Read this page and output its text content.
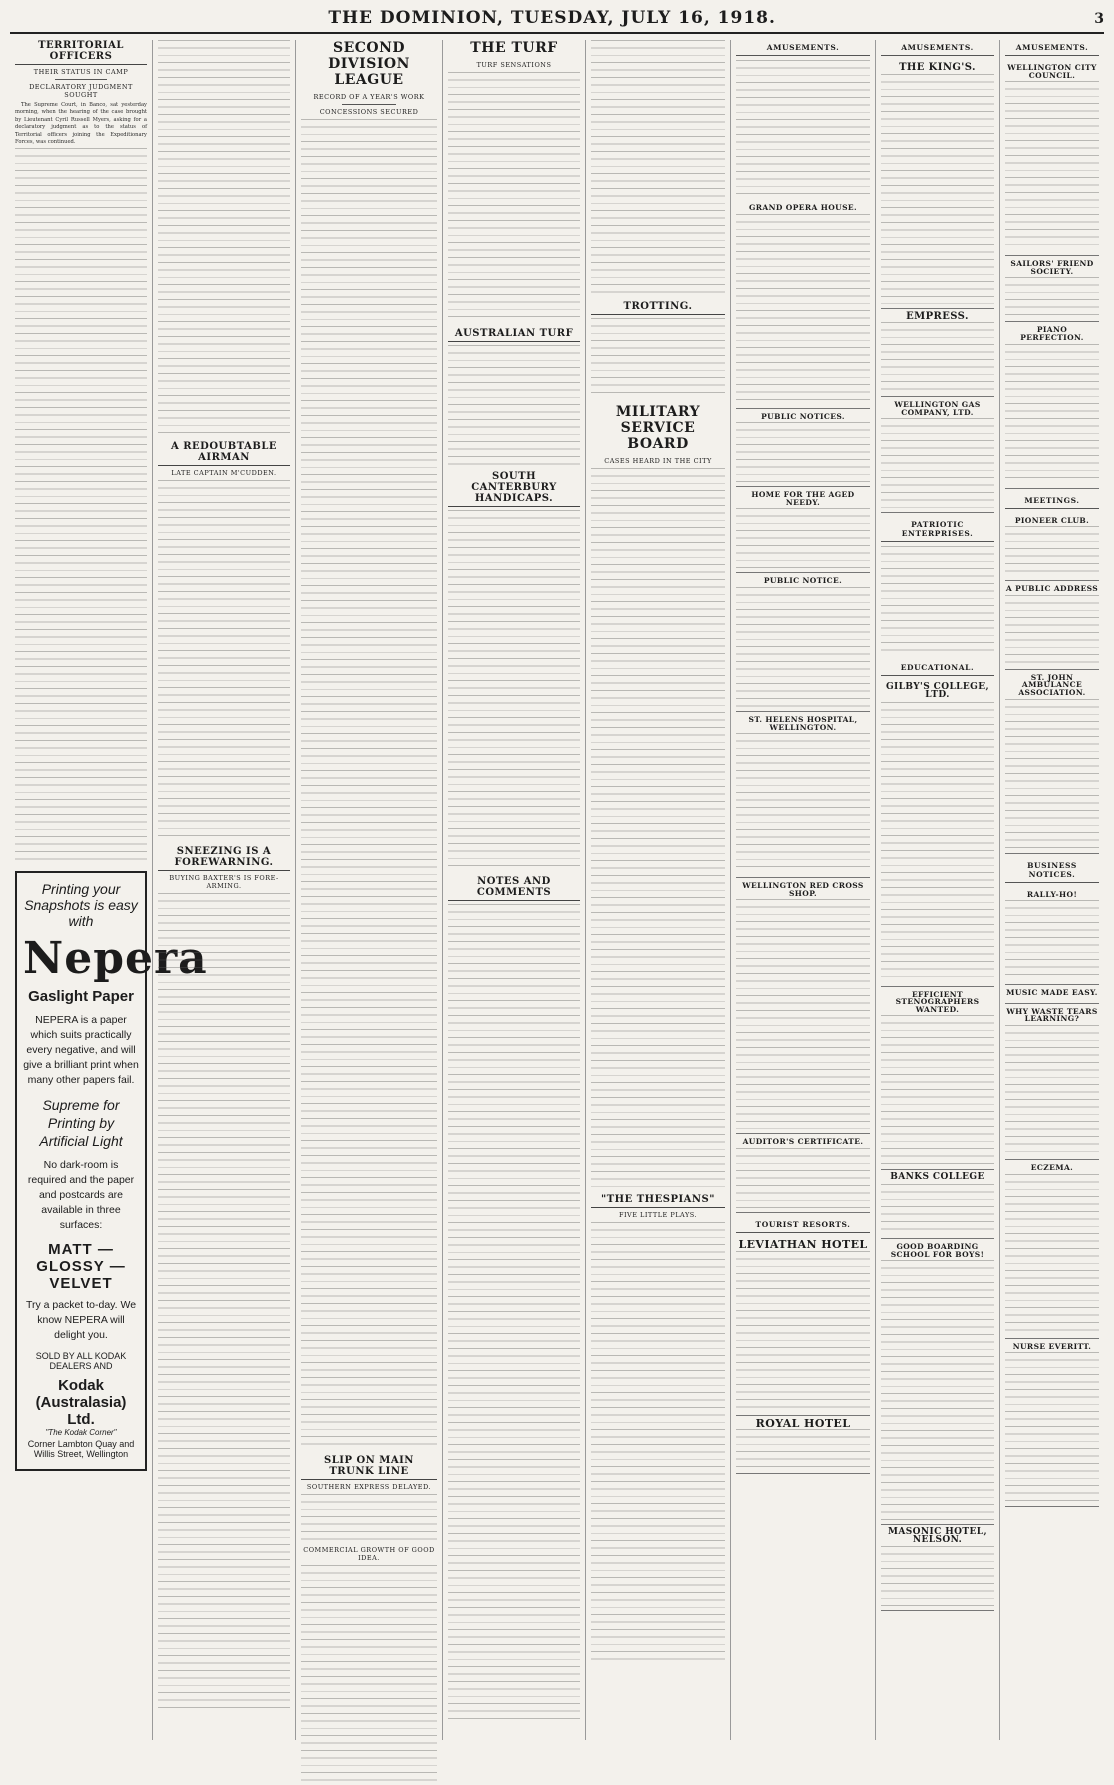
THE DOMINION, TUESDAY, JULY 16, 1918.	3
TERRITORIAL OFFICERS
THEIR STATUS IN CAMP
DECLARATORY JUDGMENT SOUGHT

The Supreme Court, in Banco, sat yesterday morning, when the hearing of the case brought by Lieutenant Cyril Russell Myers, asking for a declaratory judgment as to the status of Territorial officers joining the Expeditionary Forces, was continued.

Printing your Snapshots is easy with
Nepera
Gaslight Paper
NEPERA is a paper which suits practically every negative, and will give a brilliant print when many other papers fail.
Supreme for Printing by Artificial Light
No dark-room is required and the paper and postcards are available in three surfaces:
MATT — GLOSSY — VELVET
Try a packet to-day. We know NEPERA will delight you.
SOLD BY ALL KODAK DEALERS AND
Kodak (Australasia) Ltd.
"The Kodak Corner"
Corner Lambton Quay and Willis Street, Wellington
A REDOUBTABLE AIRMAN
LATE CAPTAIN M'CUDDEN.
SNEEZING IS A FOREWARNING.
BUYING BAXTER'S IS FORE-ARMING.
SECOND DIVISION LEAGUE
RECORD OF A YEAR'S WORK
CONCESSIONS SECURED
SLIP ON MAIN TRUNK LINE
SOUTHERN EXPRESS DELAYED.
COMMERCIAL GROWTH OF GOOD IDEA.
THE TURF
TURF SENSATIONS
AUSTRALIAN TURF
SOUTH CANTERBURY HANDICAPS.
NOTES AND COMMENTS
TROTTING.
MILITARY SERVICE BOARD
CASES HEARD IN THE CITY
"THE THESPIANS"
FIVE LITTLE PLAYS.
AMUSEMENTS.
GRAND OPERA HOUSE.
PUBLIC NOTICES.
HOME FOR THE AGED NEEDY.
PUBLIC NOTICE.
ST. HELENS HOSPITAL, WELLINGTON.
WELLINGTON RED CROSS SHOP.
AUDITOR'S CERTIFICATE.
TOURIST RESORTS.
LEVIATHAN HOTEL
ROYAL HOTEL
AMUSEMENTS.
THE KING'S.
EMPRESS.
WELLINGTON GAS COMPANY, LTD.
PATRIOTIC ENTERPRISES.
EDUCATIONAL.
GILBY'S COLLEGE, LTD.
EFFICIENT STENOGRAPHERS WANTED.
BANKS COLLEGE
GOOD BOARDING SCHOOL FOR BOYS!
MASONIC HOTEL, NELSON.
AMUSEMENTS.
WELLINGTON CITY COUNCIL.
SAILORS' FRIEND SOCIETY.
PIANO PERFECTION.
MEETINGS.
PIONEER CLUB.
A PUBLIC ADDRESS
ST. JOHN AMBULANCE ASSOCIATION.
BUSINESS NOTICES.
RALLY-HO!
MUSIC MADE EASY.
WHY WASTE TEARS LEARNING?
ECZEMA.
NURSE EVERITT.
